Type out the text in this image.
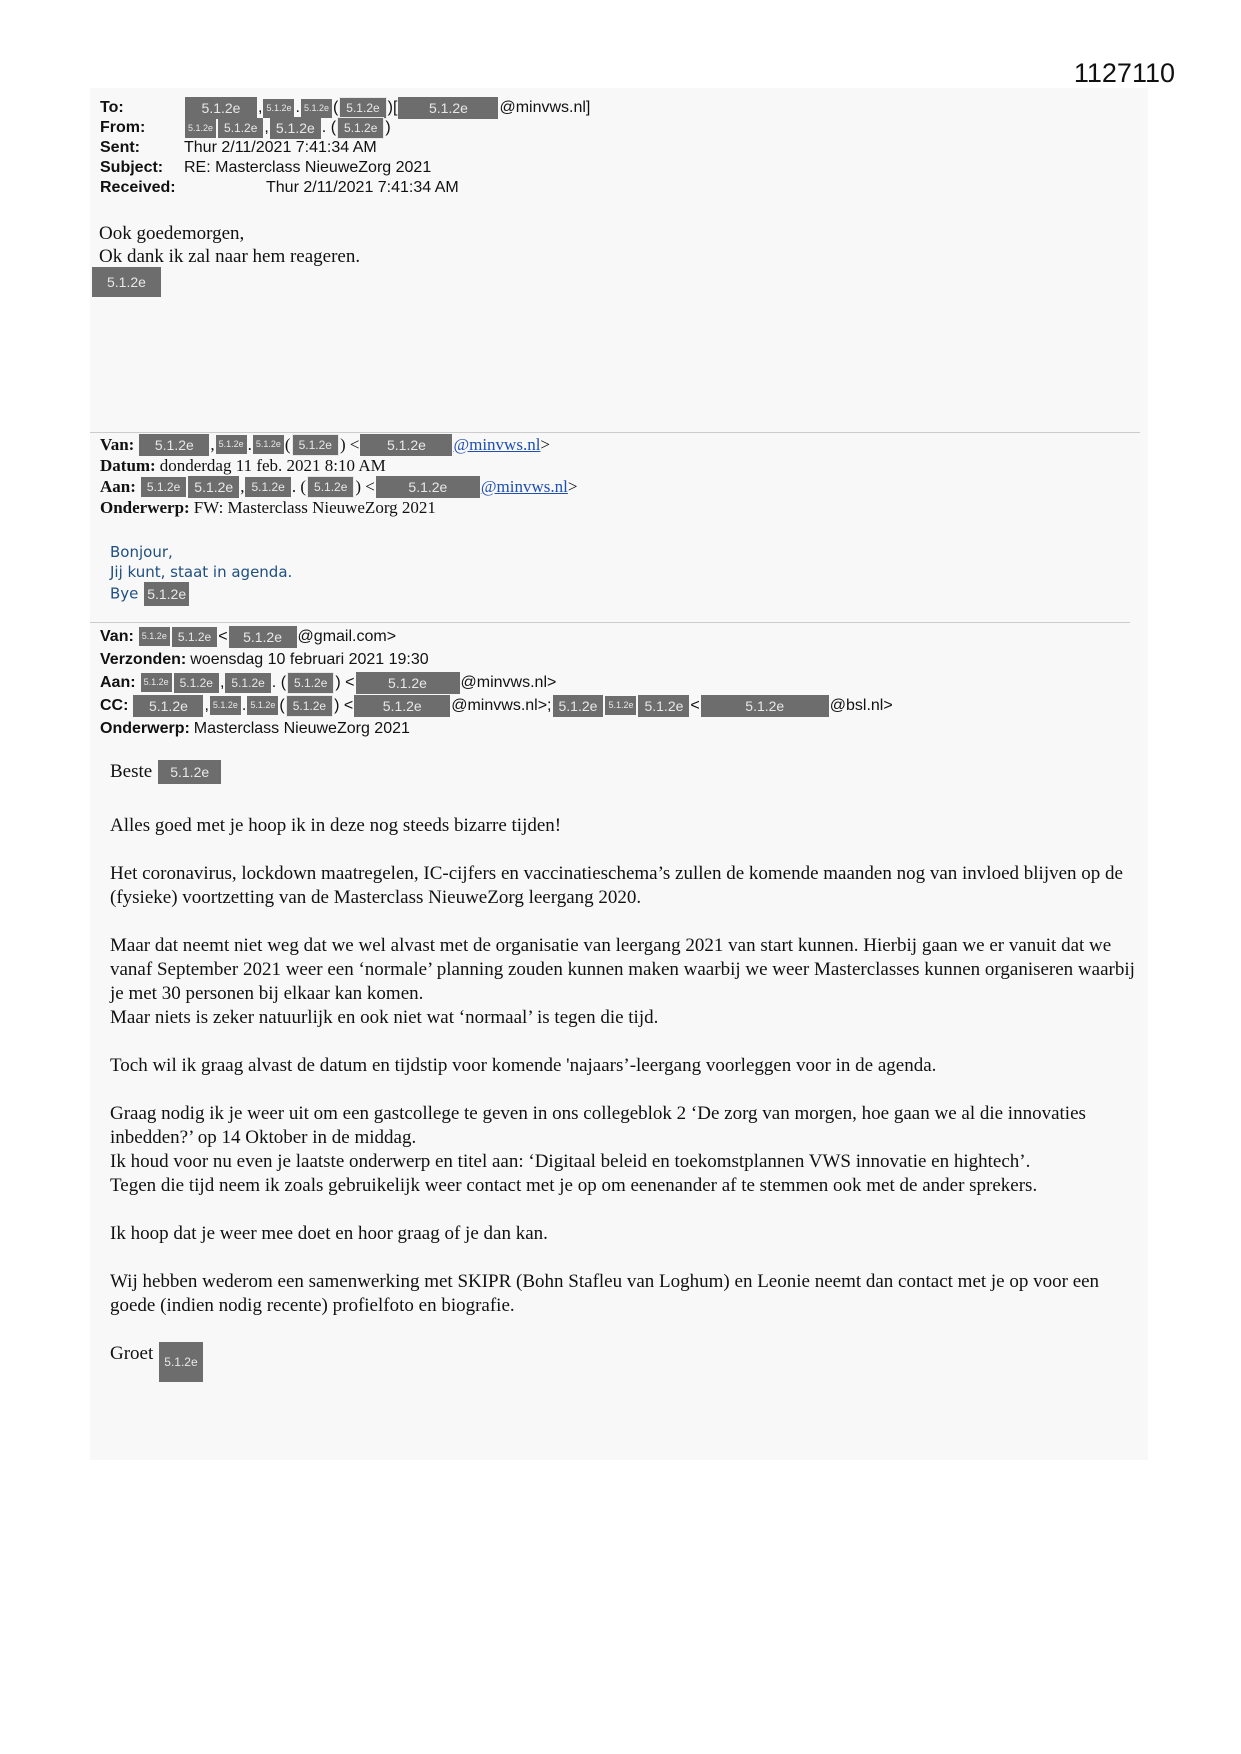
1127110
To:	5.1.2e	, 5.1.2e . 5.1.2e ( 5.1.2e )[	5.1.2e	@minvws.nl]
From:	5.1.2e 5.1.2e , 5.1.2e . ( 5.1.2e )
Sent:	Thur 2/11/2021 7:41:34 AM
Subject:	RE: Masterclass NieuweZorg 2021
Received:	Thur 2/11/2021 7:41:34 AM
Ook goedemorgen,
Ok dank ik zal naar hem reageren.
5.1.2e
Van:	5.1.2e , 5.1.2e . 5.1.2e ( 5.1.2e ) <	5.1.2e	@minvws.nl >
Datum: donderdag 11 feb. 2021 8:10 AM
Aan: 5.1.2e	5.1.2e , 5.1.2e . ( 5.1.2e ) <	5.1.2e	@minvws.nl >
Onderwerp: FW: Masterclass NieuweZorg 2021
Bonjour,
Jij kunt, staat in agenda.
Bye 5.1.2e
Van: 5.1.2e 5.1.2e <	5.1.2e @gmail.com>
Verzonden: woensdag 10 februari 2021 19:30
Aan: 5.1.2e 5.1.2e , 5.1.2e . ( 5.1.2e ) <	5.1.2e	@minvws.nl>
CC:	5.1.2e	, 5.1.2e . 5.1.2e ( 5.1.2e ) <	5.1.2e	@minvws.nl>; 5.1.2e	5.1.2e 5.1.2e <	5.1.2e	@bsl.nl>
Onderwerp: Masterclass NieuweZorg 2021
Beste	5.1.2e

Alles goed met je hoop ik in deze nog steeds bizarre tijden!

Het coronavirus, lockdown maatregelen, IC-cijfers en vaccinatieschema’s zullen de komende maanden nog van invloed blijven op de (fysieke) voortzetting van de Masterclass NieuweZorg leergang 2020.

Maar dat neemt niet weg dat we wel alvast met de organisatie van leergang 2021 van start kunnen. Hierbij gaan we er vanuit dat we vanaf September 2021 weer een ‘normale’ planning zouden kunnen maken waarbij we weer Masterclasses kunnen organiseren waarbij je met 30 personen bij elkaar kan komen.
Maar niets is zeker natuurlijk en ook niet wat ‘normaal’ is tegen die tijd.

Toch wil ik graag alvast de datum en tijdstip voor komende 'najaars’-leergang voorleggen voor in de agenda.

Graag nodig ik je weer uit om een gastcollege te geven in ons collegeblok 2 ‘De zorg van morgen, hoe gaan we al die innovaties inbedden?’ op 14 Oktober in de middag.
Ik houd voor nu even je laatste onderwerp en titel aan: ‘Digitaal beleid en toekomstplannen VWS innovatie en hightech’.
Tegen die tijd neem ik zoals gebruikelijk weer contact met je op om eenenander af te stemmen ook met de ander sprekers.

Ik hoop dat je weer mee doet en hoor graag of je dan kan.

Wij hebben wederom een samenwerking met SKIPR (Bohn Stafleu van Loghum) en Leonie neemt dan contact met je op voor een goede (indien nodig recente) profielfoto en biografie.

Groet 5.1.2e
